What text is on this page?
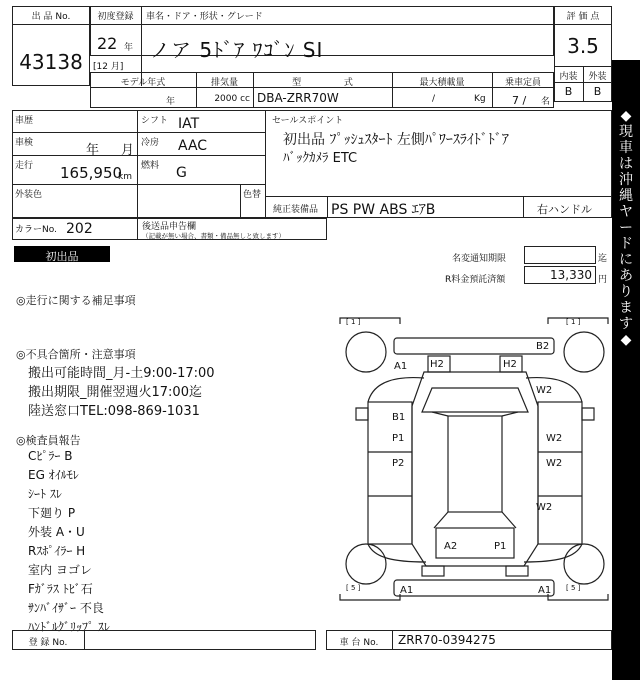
出 品 No.
43138
初度登録	車名・ドア・形状・グレード
22 年
[12 月]
ノア 5ﾄﾞｱ ﾜｺﾞﾝ SI
評 価 点
3.5
内装	外装
B	B
モデル年式
年
排気量
2000 cc
型 式
DBA-ZRR70W
最大積載量
/	Kg
乗車定員
7 / 名
車歴
車検	年 月
走行 165,950
km
シフト IAT
冷房 AAC
燃料 G
外装色	色替
セールスポイント
初出品 ﾌﾟｯｼｭｽﾀｰﾄ 左側ﾊﾟﾜｰｽﾗｲﾄﾞﾄﾞｱ
ﾊﾞｯｸｶﾒﾗ ETC
純正装備品 PS PW ABS ｴｱB	右ハンドル
カラーNo. 202	後送品申告欄
（記載が無い場合、書類・備品無しと致します）
初出品	名変通知期限	迄
R料金預託済額	13,330 円
◎走行に関する補足事項
◎不具合箇所・注意事項
搬出可能時間_月-土9:00-17:00
搬出期限_開催翌週火17:00迄
陸送窓口TEL:098-869-1031
◎検査員報告
Cﾋﾟﾗｰ B
EG ｵｲﾙﾓﾚ
ｼｰﾄ ｽﾚ
下廻り P
外装 A・U
Rｽﾎﾟｲﾗｰ H
室内 ヨゴレ
Fｶﾞﾗｽ ﾄﾋﾞ石
ｻﾝﾊﾞｲｻﾞｰ 不良
ﾊﾝﾄﾞﾙｸﾞﾘｯﾌﾟ ｽﾚ
[ 1 ]	[ 1 ]
[ 5 ]	[ 5 ]
B2
H2	H2
A1
W2
B1
P1	W2
P2	W2
W2
A2	P1
A1	A1
登 録 No.	車 台 No.	ZRR70-0394275
◆
現
車
は
沖
縄
ヤ
ー
ド
に
あ
り
ま
す
◆
